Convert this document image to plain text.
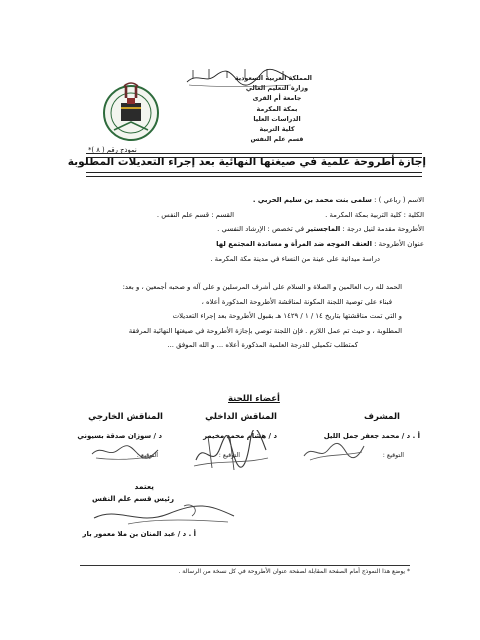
المملكة العربية السعودية
وزارة التعليم العالي
جامعة أم القرى
بمكة المكرمة
الدراسات العليا
كلية التربية
قسم علم النفس
نموذج رقم ( ٨ )*
إجازة أطروحة علمية في صيغتها النهائية بعد إجراء التعديلات المطلوبة
الاسم ( رباعي ) : سلمى بنت محمد بن سليم الحربي .
الكلية : كلية التربية بمكة المكرمة .
القسم : قسم علم النفس .
الأطروحة مقدمة لنيل درجة : الماجستير في تخصص : الإرشاد النفسي .
عنوان الأطروحة : العنف الموجه ضد المرأة و مساندة المجتمع لها
دراسة ميدانية على عينة من النساء في مدينة مكة المكرمة .
الحمد لله رب العالمين و الصلاة و السلام على أشرف المرسلين و على آله و صحبه أجمعين ، و بعد:
فبناء على توصية اللجنة المكونة لمناقشة الأطروحة المذكورة أعلاه ،
و التي تمت مناقشتها بتاريخ ١٤ / ١ / ١٤٢٩ هـ بقبول الأطروحة بعد إجراء التعديلات
المطلوبة ، و حيث تم عمل اللازم . فإن اللجنة توصي بإجازة الأطروحة في صيغتها النهائية المرفقة
كمتطلب تكميلي للدرجة العلمية المذكورة أعلاه ... و الله الموفق ...
أعضاء اللجنة
المشرف
المناقش الداخلي
المناقش الخارجي
أ . د / محمد جعفر جمل الليل
د / هشام محمد مخيمر
د / سوزان صدقة بسيوني
التوقيع :
التوقيع :
التوقيع :
يعتمد
رئيس قسم علم النفس
أ . د / عبد المنان بن ملا معمور بار
* يوضع هذا النموذج أمام الصفحة المقابلة لصفحة عنوان الأطروحة في كل نسخة من الرسالة .
